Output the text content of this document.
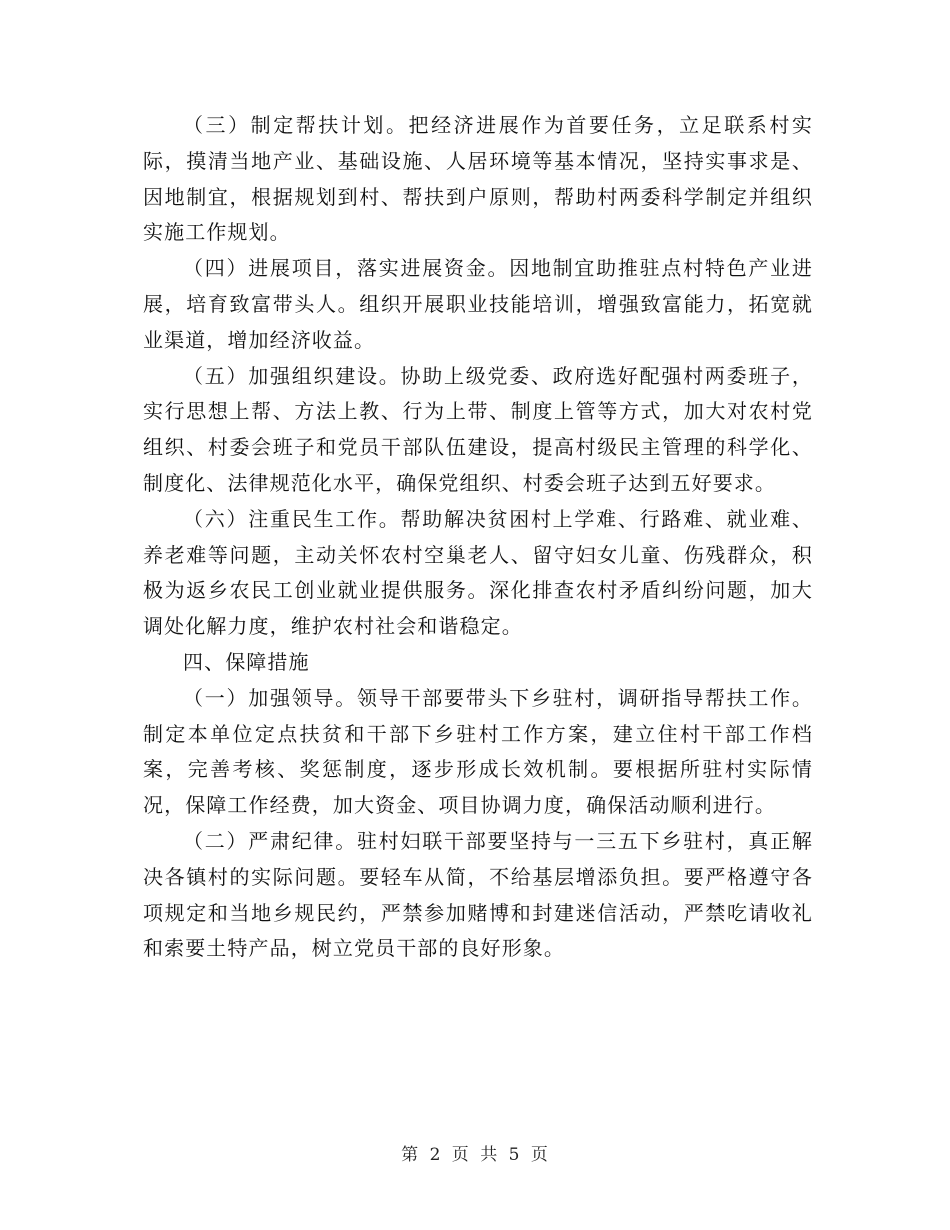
（三）制定帮扶计划。把经济进展作为首要任务，立足联系村实际，摸清当地产业、基础设施、人居环境等基本情况，坚持实事求是、因地制宜，根据规划到村、帮扶到户原则，帮助村两委科学制定并组织实施工作规划。

（四）进展项目，落实进展资金。因地制宜助推驻点村特色产业进展，培育致富带头人。组织开展职业技能培训，增强致富能力，拓宽就业渠道，增加经济收益。

（五）加强组织建设。协助上级党委、政府选好配强村两委班子，实行思想上帮、方法上教、行为上带、制度上管等方式，加大对农村党组织、村委会班子和党员干部队伍建设，提高村级民主管理的科学化、制度化、法律规范化水平，确保党组织、村委会班子达到五好要求。

（六）注重民生工作。帮助解决贫困村上学难、行路难、就业难、养老难等问题，主动关怀农村空巢老人、留守妇女儿童、伤残群众，积极为返乡农民工创业就业提供服务。深化排查农村矛盾纠纷问题，加大调处化解力度，维护农村社会和谐稳定。

四、保障措施

（一）加强领导。领导干部要带头下乡驻村，调研指导帮扶工作。制定本单位定点扶贫和干部下乡驻村工作方案，建立住村干部工作档案，完善考核、奖惩制度，逐步形成长效机制。要根据所驻村实际情况，保障工作经费，加大资金、项目协调力度，确保活动顺利进行。

（二）严肃纪律。驻村妇联干部要坚持与一三五下乡驻村，真正解决各镇村的实际问题。要轻车从简，不给基层增添负担。要严格遵守各项规定和当地乡规民约，严禁参加赌博和封建迷信活动，严禁吃请收礼和索要土特产品，树立党员干部的良好形象。

第 2 页 共 5 页
